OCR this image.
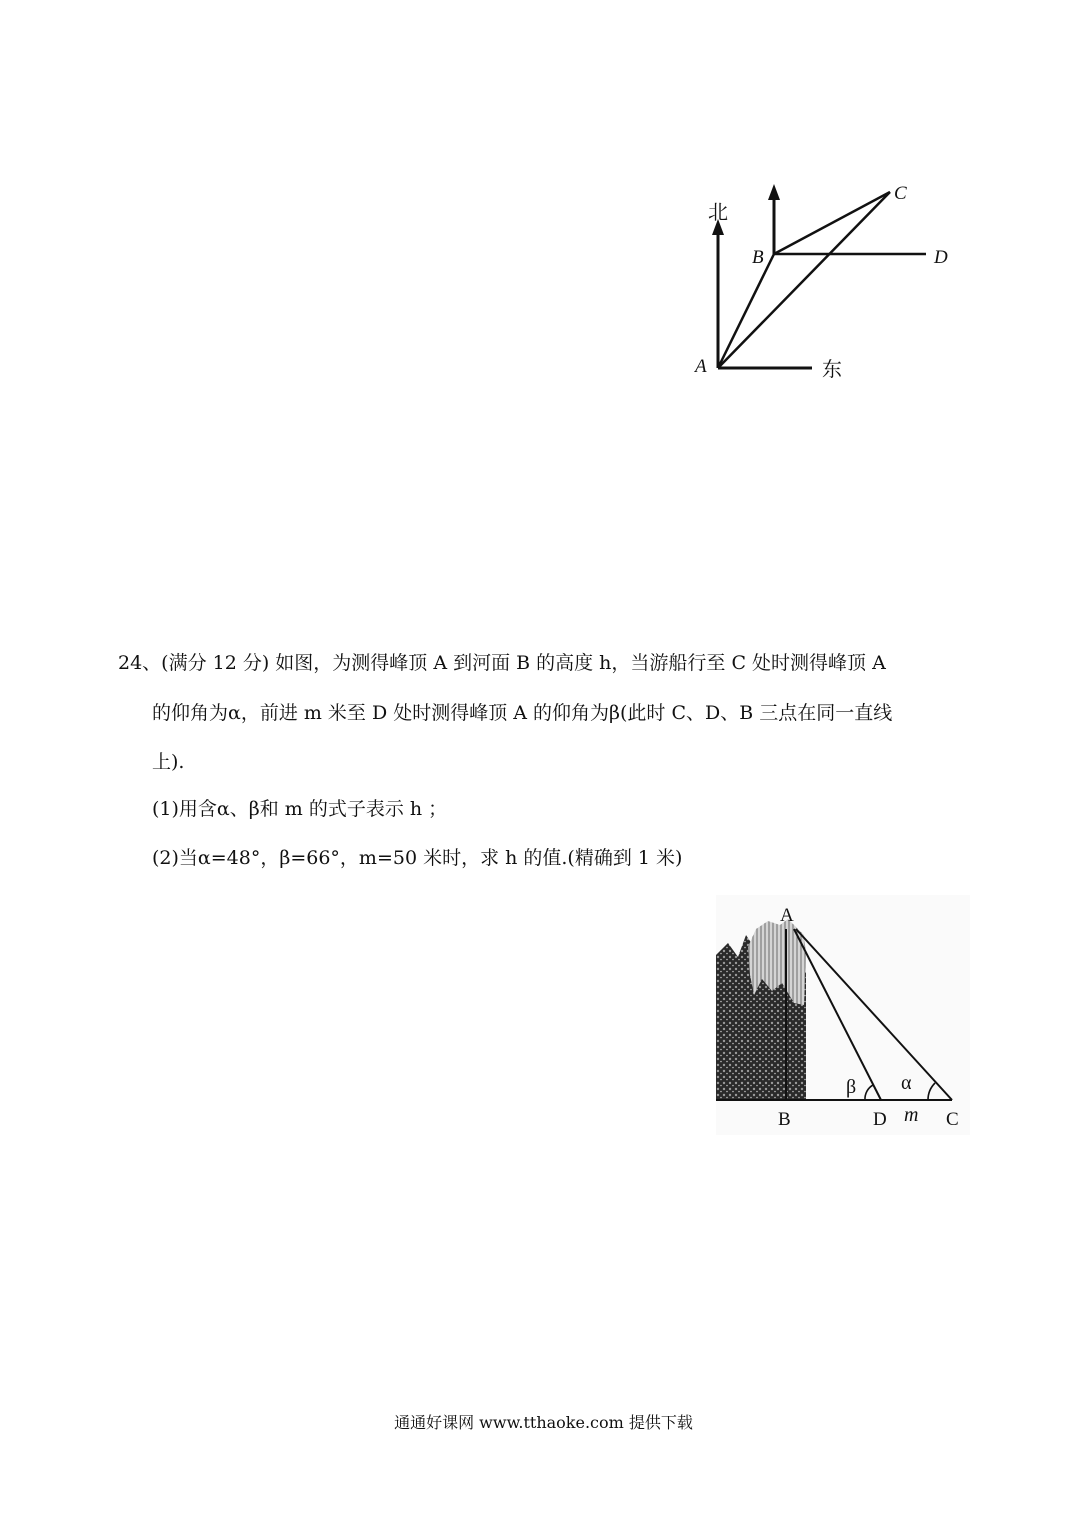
北
东
A
B
C
D
24、(满分 12 分) 如图，为测得峰顶 A 到河面 B 的高度 h，当游船行至 C 处时测得峰顶 A
的仰角为α，前进 m 米至 D 处时测得峰顶 A 的仰角为β(此时 C、D、B 三点在同一直线
上).
(1)用含α、β和 m 的式子表示 h ；
(2)当α=48°，β=66°，m=50 米时，求 h 的值.(精确到 1 米)
A
B	D	C
m
β α
通通好课网 www.tthaoke.com 提供下载
